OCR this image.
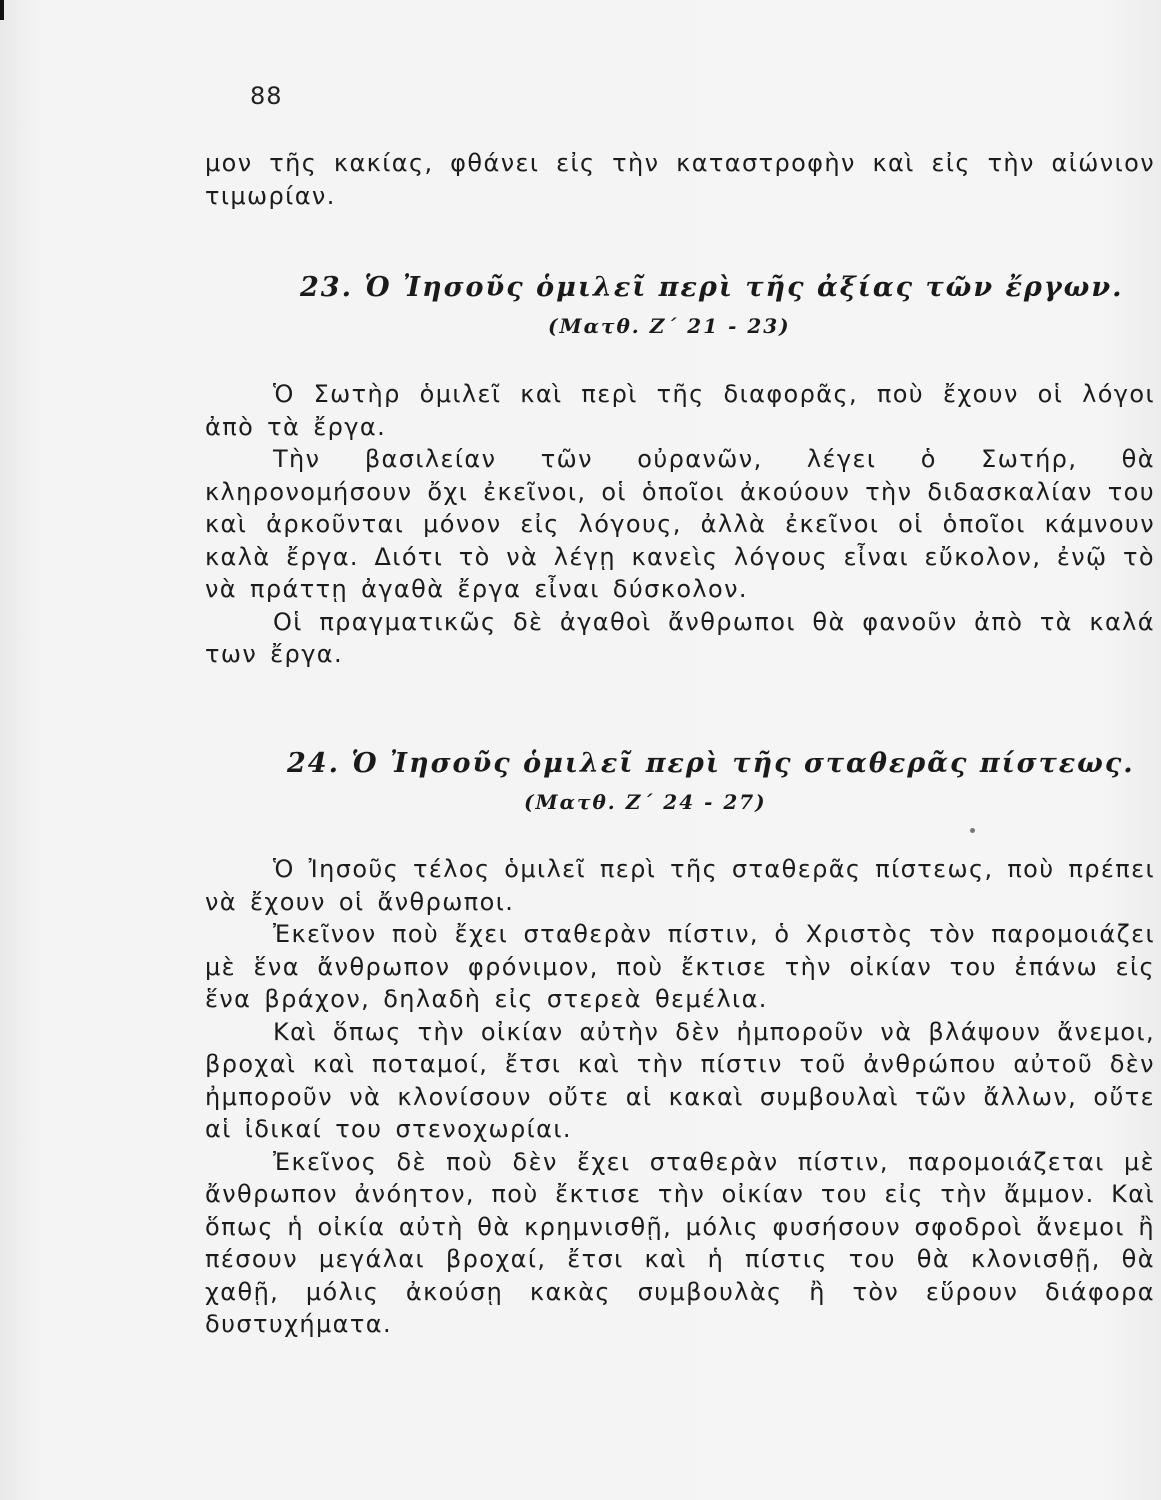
88

μον τῆς κακίας, φθάνει εἰς τὴν καταστροφὴν καὶ εἰς τὴν αἰώνιον τιμωρίαν.

23. Ὁ Ἰησοῦς ὁμιλεῖ περὶ τῆς ἀξίας τῶν ἔργων.
(Ματθ. Ζ΄ 21 - 23)

Ὁ Σωτὴρ ὁμιλεῖ καὶ περὶ τῆς διαφορᾶς, ποὺ ἔχουν οἱ λόγοι ἀπὸ τὰ ἔργα.

Τὴν βασιλείαν τῶν οὐρανῶν, λέγει ὁ Σωτήρ, θὰ κληρονομήσουν ὄχι ἐκεῖνοι, οἱ ὁποῖοι ἀκούουν τὴν διδασκαλίαν του καὶ ἀρκοῦνται μόνον εἰς λόγους, ἀλλὰ ἐκεῖνοι οἱ ὁποῖοι κάμνουν καλὰ ἔργα. Διότι τὸ νὰ λέγῃ κανεὶς λόγους εἶναι εὔκολον, ἐνῷ τὸ νὰ πράττῃ ἀγαθὰ ἔργα εἶναι δύσκολον.

Οἱ πραγματικῶς δὲ ἀγαθοὶ ἄνθρωποι θὰ φανοῦν ἀπὸ τὰ καλά των ἔργα.

24. Ὁ Ἰησοῦς ὁμιλεῖ περὶ τῆς σταθερᾶς πίστεως.
(Ματθ. Ζ΄ 24 - 27)

Ὁ Ἰησοῦς τέλος ὁμιλεῖ περὶ τῆς σταθερᾶς πίστεως, ποὺ πρέπει νὰ ἔχουν οἱ ἄνθρωποι.

Ἐκεῖνον ποὺ ἔχει σταθερὰν πίστιν, ὁ Χριστὸς τὸν παρομοιάζει μὲ ἕνα ἄνθρωπον φρόνιμον, ποὺ ἔκτισε τὴν οἰκίαν του ἐπάνω εἰς ἕνα βράχον, δηλαδὴ εἰς στερεὰ θεμέλια.

Καὶ ὅπως τὴν οἰκίαν αὐτὴν δὲν ἠμποροῦν νὰ βλάψουν ἄνεμοι, βροχαὶ καὶ ποταμοί, ἔτσι καὶ τὴν πίστιν τοῦ ἀνθρώπου αὐτοῦ δὲν ἠμποροῦν νὰ κλονίσουν οὔτε αἱ κακαὶ συμβουλαὶ τῶν ἄλλων, οὔτε αἱ ἰδικαί του στενοχωρίαι.

Ἐκεῖνος δὲ ποὺ δὲν ἔχει σταθερὰν πίστιν, παρομοιάζεται μὲ ἄνθρωπον ἀνόητον, ποὺ ἔκτισε τὴν οἰκίαν του εἰς τὴν ἄμμον. Καὶ ὅπως ἡ οἰκία αὐτὴ θὰ κρημνισθῇ, μόλις φυσήσουν σφοδροὶ ἄνεμοι ἢ πέσουν μεγάλαι βροχαί, ἔτσι καὶ ἡ πίστις του θὰ κλονισθῇ, θὰ χαθῇ, μόλις ἀκούσῃ κακὰς συμβουλὰς ἢ τὸν εὕρουν διάφορα δυστυχήματα.
